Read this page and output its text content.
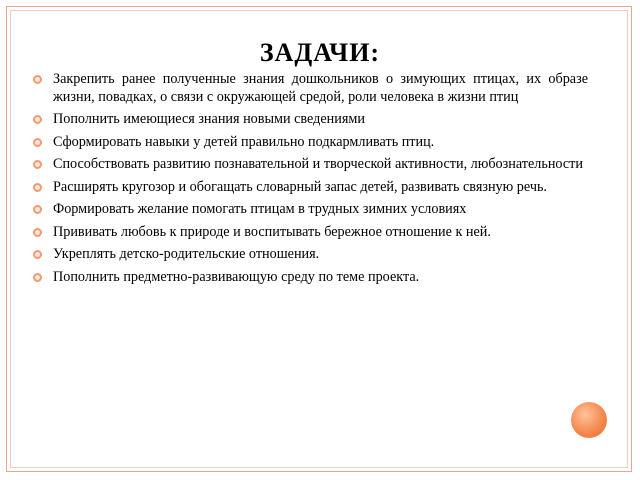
ЗАДАЧИ:
Закрепить ранее полученные знания дошкольников о зимующих птицах, их образе жизни, повадках, о связи с окружающей средой, роли человека в жизни птиц
Пополнить имеющиеся знания новыми сведениями
Сформировать навыки у детей правильно подкармливать птиц.
Способствовать развитию познавательной и творческой активности, любознательности
Расширять кругозор и обогащать словарный запас детей, развивать связную речь.
Формировать желание помогать птицам в трудных зимних условиях
Прививать любовь к природе и воспитывать бережное отношение к ней.
Укреплять детско-родительские отношения.
Пополнить предметно-развивающую среду по теме проекта.
